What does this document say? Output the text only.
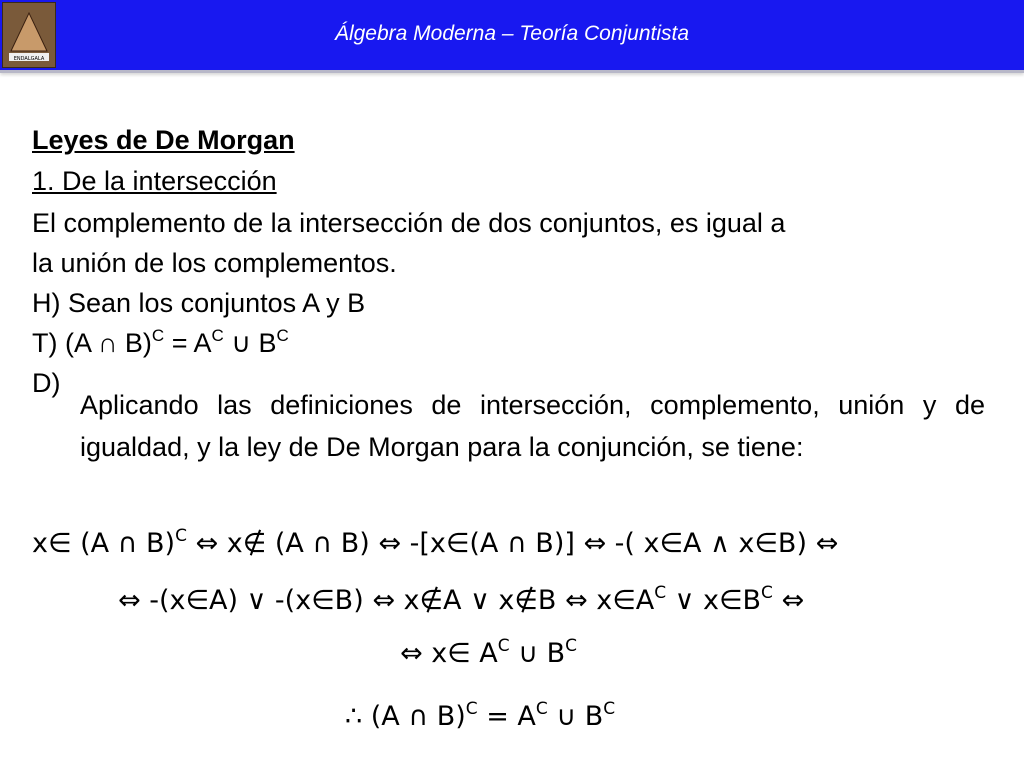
ENDALGALA
Álgebra Moderna – Teoría Conjuntista
Leyes de De Morgan
1. De la intersección
El complemento de la intersección de dos conjuntos, es igual a
la unión de los complementos.
H) Sean los conjuntos A y B
T) (A ∩ $B)^C = A^C$ ∪ $B^C$
D)
Aplicando las definiciones de intersección, complemento, unión y de igualdad, y la ley de De Morgan para la conjunción, se tiene:
x∈ (A ∩ B)$^C$ ⇔ x∉ (A ∩ B) ⇔ -[x∈(A ∩ B)] ⇔ -( x∈A ∧ x∈B) ⇔
⇔ -(x∈A) ∨ -(x∈B) ⇔ x∉A ∨ x∉B ⇔ $x\in A^C$ ∨ $x\in B^C$ ⇔
⇔ x∈ $A^C$ ∪ $B^C$
∴ (A ∩ $B)^C = A^C$ ∪ $B^C$
